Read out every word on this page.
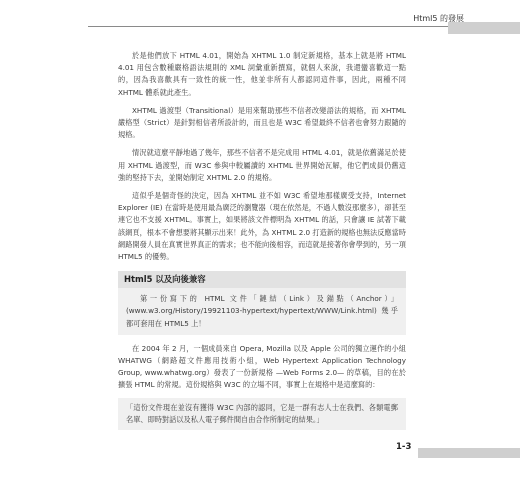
Html5 的發展

於是他們放下 HTML 4.01，開始為 XHTML 1.0 制定新規格，基本上就是將 HTML 4.01 用包含數種嚴格語法規則的 XML 詞彙重新撰寫，就個人來說，我還蠻喜歡這一點的，因為我喜歡具有一致性的統一性，他並非所有人都認同這件事，因此，兩種不同 XHTML 體系就此產生。

XHTML 過渡型（Transitional）是用來幫助那些不信者改變語法的規格，而 XHTML 嚴格型（Strict）是針對相信者所設計的，而且也是 W3C 希望最終不信者也會努力跟隨的規格。

情況就這麼平靜地過了幾年，那些不信者不是完成用 HTML 4.01，就是依舊滿足於使用 XHTML 過渡型，而 W3C 參與中較屬讀的 XHTML 世界開始瓦解，他它們成員仍舊這強的堅持下去，並開始制定 XHTML 2.0 的規格。

這似乎是個奇怪的決定，因為 XHTML 並不如 W3C 希望地那樣廣受支持，Internet Explorer (IE) 在當時是使用最為廣泛的瀏覽器（現在依然是，不過人數沒那麼多），卻甚至連它也不支援 XHTML。事實上，如果將該文件標明為 XHTML 的話，只會讓 IE 試著下載該網頁，根本不會想要將其顯示出來！此外，為 XHTML 2.0 打造新的規格也無法反應當時網路開發人員在真實世界真正的需求；也不能向後相容，而這就是接著你會學到的，另一項 HTML5 的優勢。

Html5 以及向後兼容

第一份寫下的 HTML 文件「鏈結（Link）及錨點（Anchor）」(www.w3.org/History/19921103-hypertext/hypertext/WWW/Link.html) 幾乎都可套用在 HTML5 上！

在 2004 年 2 月，一個成員來自 Opera, Mozilla 以及 Apple 公司的獨立運作的小組 WHATWG（網路超文件應用技術小組，Web Hypertext Application Technology Group, www.whatwg.org）發表了一份新規格 —Web Forms 2.0— 的草稿，目的在於擴張 HTML 的常規。這份規格與 W3C 的立場不同，事實上在規格中是這麼寫的：

「這份文件現在並沒有獲得 W3C 內部的認同，它是一群有志人士在我們、各類電郵名單、即時對話以及私人電子郵件間自由合作所制定的結果。」

1-3
